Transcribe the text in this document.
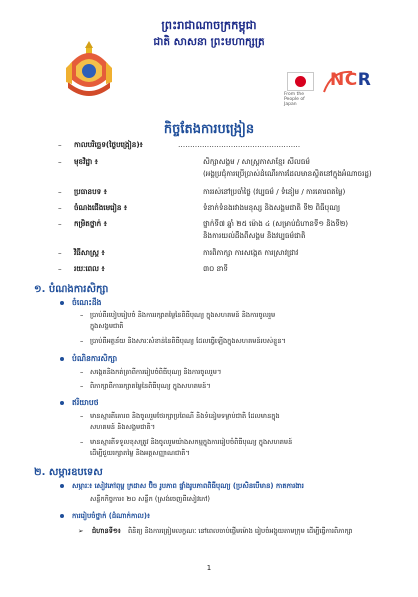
ព្រះរាជាណាចក្រកម្ពុជា
ជាតិ សាសនា ព្រះមហាក្សត្រ
From the People of Japan
NCR
កិច្ចតែងការបង្រៀន
– កាលបរិច្ឆេទ(ថ្ងៃបង្រៀន)៖	……………………………………………
– មុខវិជ្ជា ៖	សិក្សាសង្គម / សាស្ត្រភាសាខ្មែរ​ សីលធម៌
(អង្គប្រជុំ​ការប្រើប្រាស់ដំណើរការ​ដែលមានស្ថិតនៅក្នុងអំណាចរដ្ឋ)
– ប្រធានបទ ៖	ការរស់នៅប្រចាំថ្ងៃ (វប្បធម៌ / ទំនៀម / ការគោរពតម្លៃ)
– ចំណងជើងមេរៀន ៖	ទំនាក់ទំនងរវាងមនុស្ស និងសង្គមជាតិ ទី២ ពិធីបុណ្យ
– កម្រិតថ្នាក់ ៖	ថ្នាក់ទី៧ ឆ្នាំ ២៥ ម៉ោង ៤ (សម្រាប់ជំហានទី១ និងទី២)
និងការយល់ដឹងពីសង្គម និងវប្បធម៌ជាតិ
– វិធីសាស្ត្រ ៖	ការពិភាក្សា ការសង្កេត ការស្រាវជ្រាវ
– រយៈពេល ៖	៣០ នាទី
១. បំណងការសិក្សា
ចំណេះដឹង
– ប្រាប់ពីរបៀបរៀបចំ និងការរក្សាតម្លៃនៃពិធីបុណ្យ ក្នុងសហគមន៍ និងការចូលរួម
ក្នុងសង្គមជាតិ
– ប្រាប់ពីអត្ថន័យ និងសារៈសំខាន់នៃពិធីបុណ្យ ដែលធ្វើឡើងក្នុងសហគមន៍របស់ខ្លួន។
បំណិនការសិក្សា
– សង្កេតនិងកត់ត្រាពីការរៀបចំពិធីបុណ្យ និងការចូលរួម។
– ពិភាក្សាពីការរក្សាតម្លៃនៃពិធីបុណ្យ ក្នុងសហគមន៍។
ឥរិយាបថ
– មានស្មារតីគោរព និងចូលរួមថែរក្សាប្រពៃណី និងទំនៀមទម្លាប់ជាតិ ដែលមានក្នុង
សហគមន៍ និងសង្គមជាតិ។
– មានស្មារតីទទួលខុសត្រូវ និងចូលរួមយ៉ាងសកម្មក្នុងការរៀបចំពិធីបុណ្យ ក្នុងសហគមន៍
ដើម្បីជួយរក្សាតម្លៃ និងអត្តសញ្ញាណជាតិ។
២. សម្ភារឧបទេស
សម្ភារៈ៖ សៀវភៅពុម្ព ក្រដាស ប៊ិច រូបភាព ផ្ទាំងរូបភាពពិធីបុណ្យ (ប្រសិនបើមាន) កាតការងារ
សន្លឹកកិច្ចការ៖ ២០ សន្លឹក (ស្រង់ចេញពីសៀវភៅ)
ការរៀបចំថ្នាក់ (ដំណាក់កាល)៖
➢ ជំហានទី១៖ ពិនិត្យ ​និងការត្រៀមលក្ខណៈ នៅពេលចាប់ផ្តើមម៉ោង រៀបចំអង្គុយតាមក្រុម ដើម្បីធ្វើការពិភាក្សា
1
